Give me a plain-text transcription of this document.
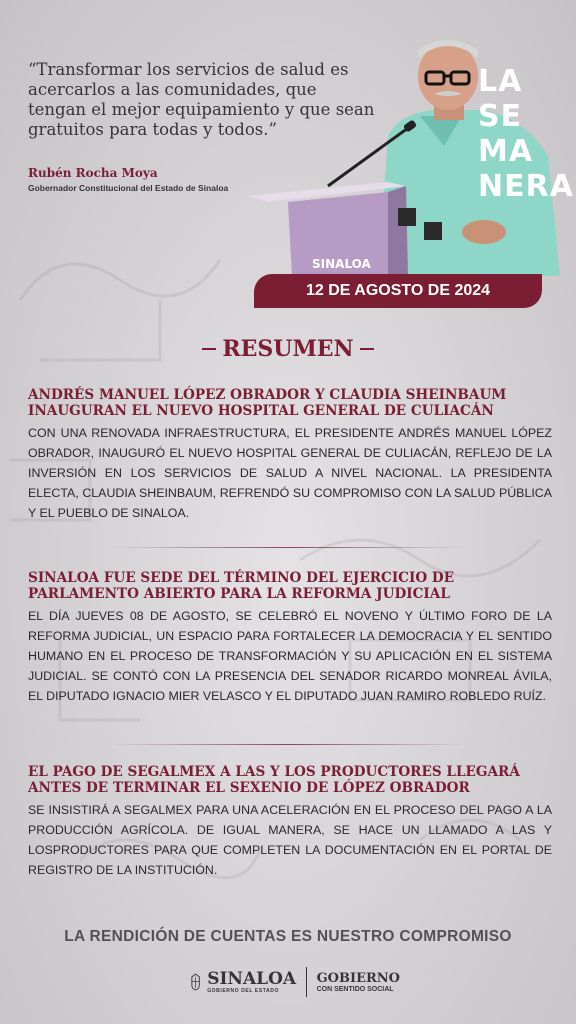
“Transformar los servicios de salud es acercarlos a las comunidades, que tengan el mejor equipamiento y que sean gratuitos para todas y todos.”
Rubén Rocha Moya
Gobernador Constitucional del Estado de Sinaloa
SINALOA
LA
SE
MA
NERA
12 DE AGOSTO DE 2024
RESUMEN
ANDRÉS MANUEL LÓPEZ OBRADOR Y CLAUDIA SHEINBAUM INAUGURAN EL NUEVO HOSPITAL GENERAL DE CULIACÁN

CON UNA RENOVADA INFRAESTRUCTURA, EL PRESIDENTE ANDRÉS MANUEL LÓPEZ OBRADOR, INAUGURÓ EL NUEVO HOSPITAL GENERAL DE CULIACÁN, REFLEJO DE LA INVERSIÓN EN LOS SERVICIOS DE SALUD A NIVEL NACIONAL. LA PRESIDENTA ELECTA, CLAUDIA SHEINBAUM, REFRENDÓ SU COMPROMISO CON LA SALUD PÚBLICA Y EL PUEBLO DE SINALOA.

SINALOA FUE SEDE DEL TÉRMINO DEL EJERCICIO DE PARLAMENTO ABIERTO PARA LA REFORMA JUDICIAL

EL DÍA JUEVES 08 DE AGOSTO, SE CELEBRÓ EL NOVENO Y ÚLTIMO FORO DE LA REFORMA JUDICIAL, UN ESPACIO PARA FORTALECER LA DEMOCRACIA Y EL SENTIDO HUMANO EN EL PROCESO DE TRANSFORMACIÓN Y SU APLICACIÓN EN EL SISTEMA JUDICIAL. SE CONTÓ CON LA PRESENCIA DEL SENADOR RICARDO MONREAL ÁVILA, EL DIPUTADO IGNACIO MIER VELASCO Y EL DIPUTADO JUAN RAMIRO ROBLEDO RUÍZ.

EL PAGO DE SEGALMEX A LAS Y LOS PRODUCTORES LLEGARÁ ANTES DE TERMINAR EL SEXENIO DE LÓPEZ OBRADOR

SE INSISTIRÁ A SEGALMEX PARA UNA ACELERACIÓN EN EL PROCESO DEL PAGO A LA PRODUCCIÓN AGRÍCOLA. DE IGUAL MANERA, SE HACE UN LLAMADO A LAS Y LOSPRODUCTORES PARA QUE COMPLETEN LA DOCUMENTACIÓN EN EL PORTAL DE REGISTRO DE LA INSTITUCIÓN.

LA RENDICIÓN DE CUENTAS ES NUESTRO COMPROMISO
SINALOA
GOBIERNO DEL ESTADO
GOBIERNO
CON SENTIDO SOCIAL
